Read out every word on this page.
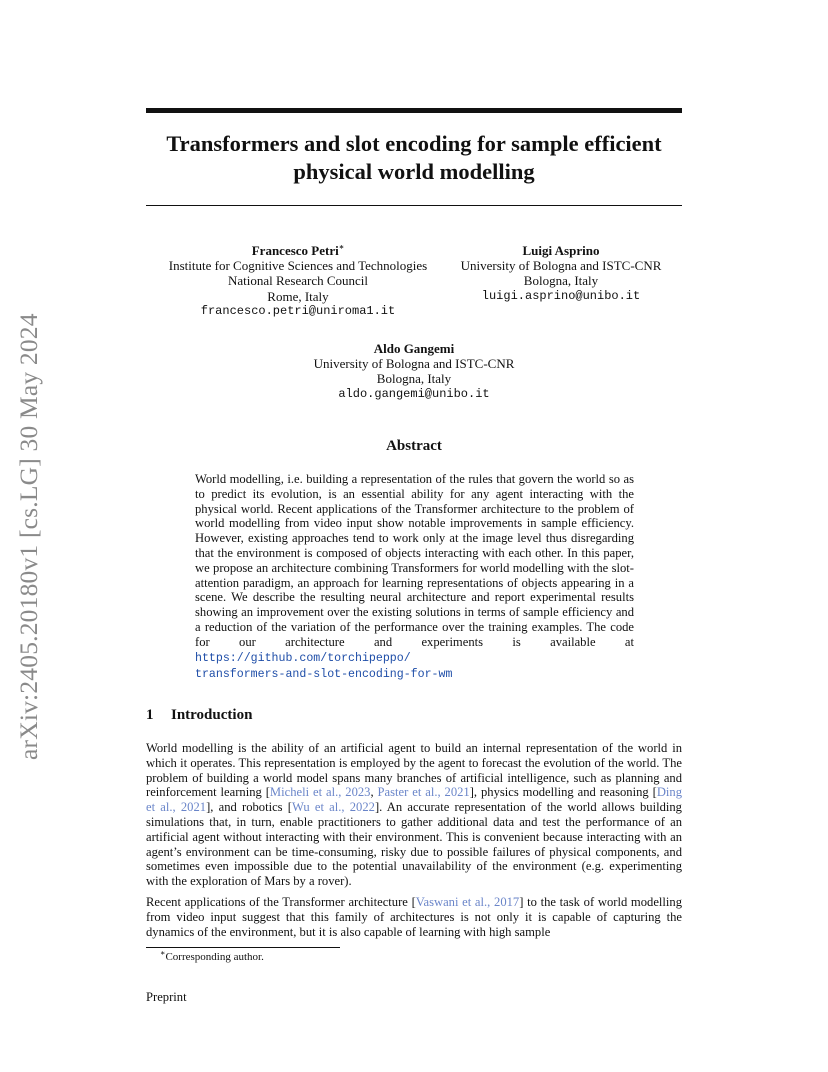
arXiv:2405.20180v1 [cs.LG] 30 May 2024
Transformers and slot encoding for sample efficient
physical world modelling
Francesco Petri∗
Institute for Cognitive Sciences and Technologies
National Research Council
Rome, Italy
francesco.petri@uniroma1.it
Luigi Asprino
University of Bologna and ISTC-CNR
Bologna, Italy
luigi.asprino@unibo.it
Aldo Gangemi
University of Bologna and ISTC-CNR
Bologna, Italy
aldo.gangemi@unibo.it
Abstract
World modelling, i.e. building a representation of the rules that govern the world so as to predict its evolution, is an essential ability for any agent interacting with the physical world. Recent applications of the Transformer architecture to the problem of world modelling from video input show notable improvements in sample efficiency. However, existing approaches tend to work only at the image level thus disregarding that the environment is composed of objects interacting with each other. In this paper, we propose an architecture combining Transformers for world modelling with the slot-attention paradigm, an approach for learning representations of objects appearing in a scene. We describe the resulting neural architecture and report experimental results showing an improvement over the existing solutions in terms of sample efficiency and a reduction of the variation of the performance over the training examples. The code for our architecture and experiments is available at https://github.com/torchipeppo/
transformers-and-slot-encoding-for-wm
1 Introduction
World modelling is the ability of an artificial agent to build an internal representation of the world in which it operates. This representation is employed by the agent to forecast the evolution of the world. The problem of building a world model spans many branches of artificial intelligence, such as planning and reinforcement learning [Micheli et al., 2023, Paster et al., 2021], physics modelling and reasoning [Ding et al., 2021], and robotics [Wu et al., 2022]. An accurate representation of the world allows building simulations that, in turn, enable practitioners to gather additional data and test the performance of an artificial agent without interacting with their environment. This is convenient because interacting with an agent’s environment can be time-consuming, risky due to possible failures of physical components, and sometimes even impossible due to the potential unavailability of the environment (e.g. experimenting with the exploration of Mars by a rover).
Recent applications of the Transformer architecture [Vaswani et al., 2017] to the task of world modelling from video input suggest that this family of architectures is not only it is capable of capturing the dynamics of the environment, but it is also capable of learning with high sample
∗Corresponding author.
Preprint
